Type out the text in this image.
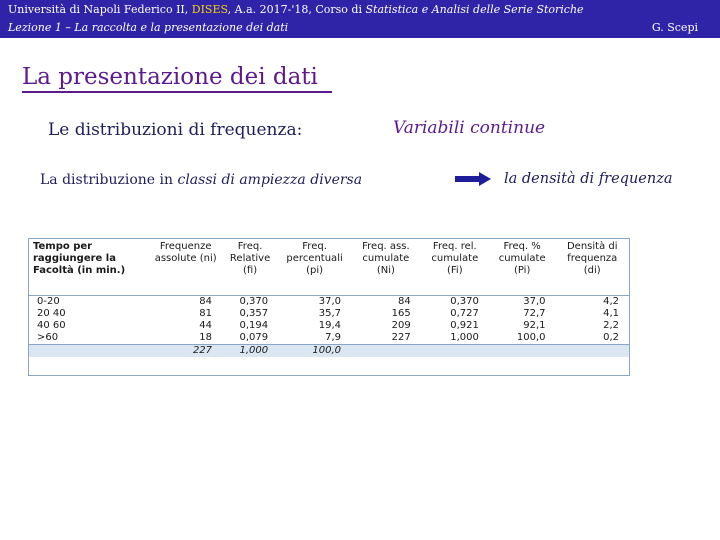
Università di Napoli Federico II, DISES, A.a. 2017-'18, Corso di Statistica e Analisi delle Serie Storiche
Lezione 1 – La raccolta e la presentazione dei dati	G. Scepi
La presentazione dei dati
Le distribuzioni di frequenza:	Variabili continue
La distribuzione in classi di ampiezza diversa	la densità di frequenza
Tempo per raggiungere la Facoltà (in min.)	Frequenze assolute (ni)	Freq. Relative (fi)	Freq. percentuali (pi)	Freq. ass. cumulate (Ni)	Freq. rel. cumulate (Fi)	Freq. % cumulate (Pi)	Densità di frequenza (di)
0-20	84	0,370	37,0	84	0,370	37,0	4,2
20 40	81	0,357	35,7	165	0,727	72,7	4,1
40 60	44	0,194	19,4	209	0,921	92,1	2,2
>60	18	0,079	7,9	227	1,000	100,0	0,2
	227	1,000	100,0				
